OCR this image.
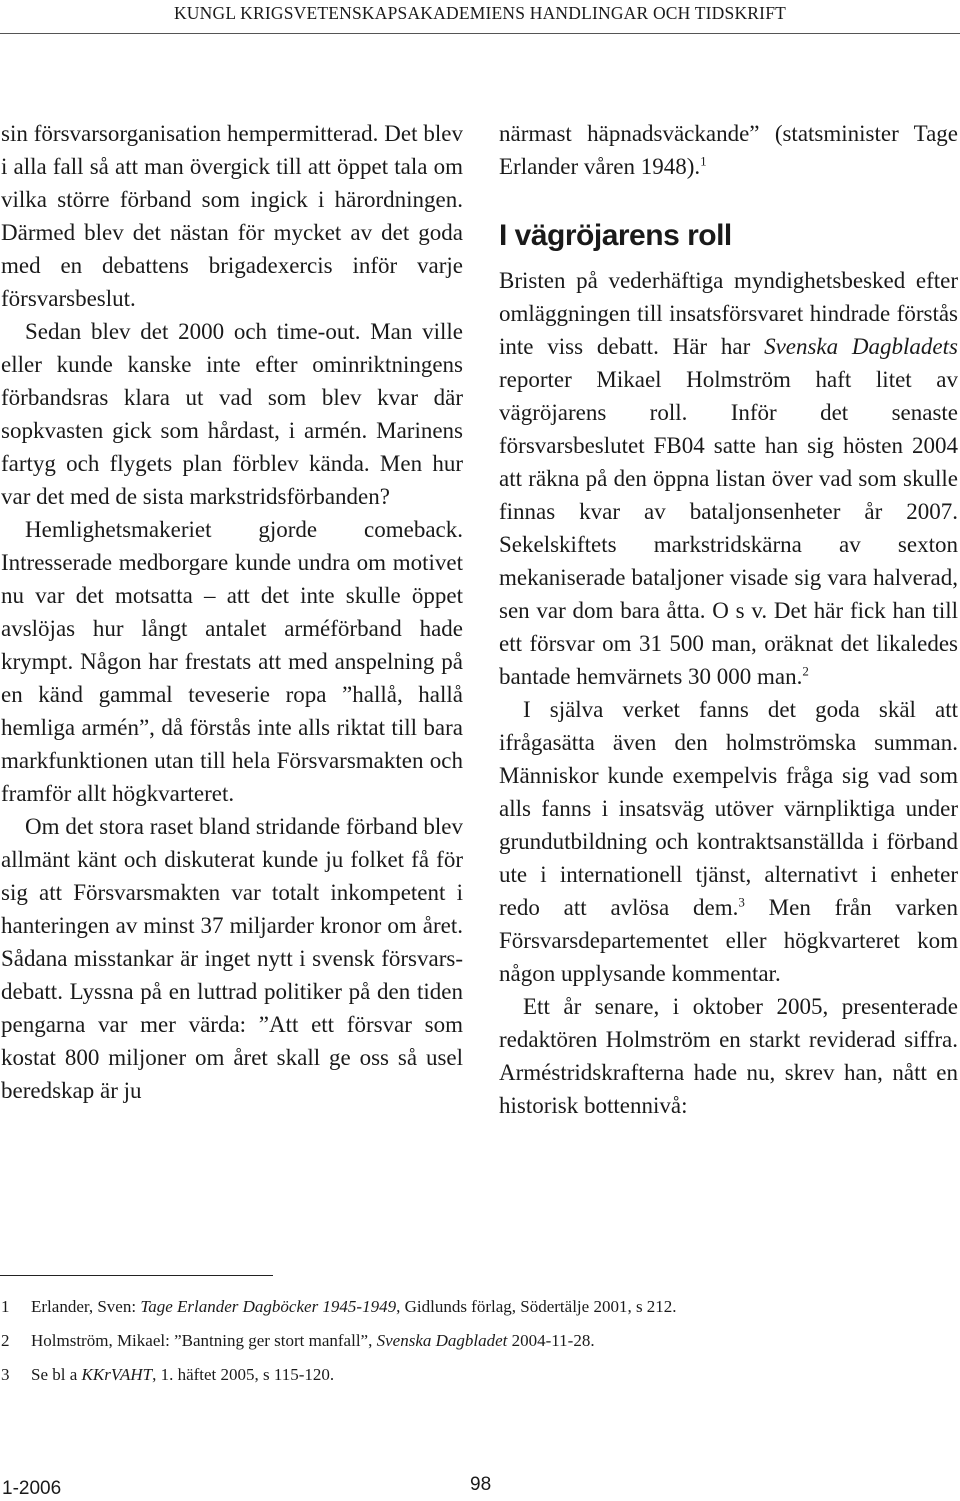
KUNGL KRIGSVETENSKAPSAKADEMIENS HANDLINGAR OCH TIDSKRIFT

sin försvarsorganisation hempermitterad. Det blev i alla fall så att man övergick till att öppet tala om vilka större förband som ingick i härordningen. Därmed blev det nästan för mycket av det goda med en debattens brigadexercis inför varje försvarsbeslut.

Sedan blev det 2000 och time-out. Man ville eller kunde kanske inte efter ominriktningens förbandsras klara ut vad som blev kvar där sopkvasten gick som hårdast, i armén. Marinens fartyg och flygets plan förblev kända. Men hur var det med de sista markstridsförbanden?

Hemlighetsmakeriet gjorde comeback. Intresserade medborgare kunde undra om motivet nu var det motsatta – att det inte skulle öppet avslöjas hur långt antalet arméförband hade krympt. Någon har frestats att med anspelning på en känd gammal teveserie ropa ”hallå, hallå hemliga armén”, då förstås inte alls riktat till bara markfunktionen utan till hela Försvarsmakten och framför allt högkvarteret.

Om det stora raset bland stridande förband blev allmänt känt och diskuterat kunde ju folket få för sig att Försvarsmakten var totalt inkompetent i hanteringen av minst 37 miljarder kronor om året. Sådana misstankar är inget nytt i svensk försvarsdebatt. Lyssna på en luttrad politiker på den tiden pengarna var mer värda: ”Att ett försvar som kostat 800 miljoner om året skall ge oss så usel beredskap är ju

närmast häpnadsväckande” (statsminister Tage Erlander våren 1948).$^1$

I vägröjarens roll

Bristen på vederhäftiga myndighetsbesked efter omläggningen till insatsförsvaret hindrade förstås inte viss debatt. Här har Svenska Dagbladets reporter Mikael Holmström haft litet av vägröjarens roll. Inför det senaste försvarsbeslutet FB04 satte han sig hösten 2004 att räkna på den öppna listan över vad som skulle finnas kvar av bataljonsenheter år 2007. Sekelskiftets markstridskärna av sexton mekaniserade bataljoner visade sig vara halverad, sen var dom bara åtta. O s v. Det här fick han till ett försvar om 31 500 man, oräknat det likaledes bantade hemvärnets 30 000 man.$^2$

I själva verket fanns det goda skäl att ifrågasätta även den holmströmska summan. Människor kunde exempelvis fråga sig vad som alls fanns i insatsväg utöver värnpliktiga under grundutbildning och kontraktsanställda i förband ute i internationell tjänst, alternativt i enheter redo att avlösa dem.$^3$ Men från varken Försvarsdepartementet eller högkvarteret kom någon upplysande kommentar.

Ett år senare, i oktober 2005, presenterade redaktören Holmström en starkt reviderad siffra. Arméstridskrafterna hade nu, skrev han, nått en historisk bottennivå:

1 Erlander, Sven: Tage Erlander Dagböcker 1945-1949, Gidlunds förlag, Södertälje 2001, s 212.
2 Holmström, Mikael: ”Bantning ger stort manfall”, Svenska Dagbladet 2004-11-28.
3 Se bl a KKrVAHT, 1. häftet 2005, s 115-120.
1-2006	98
